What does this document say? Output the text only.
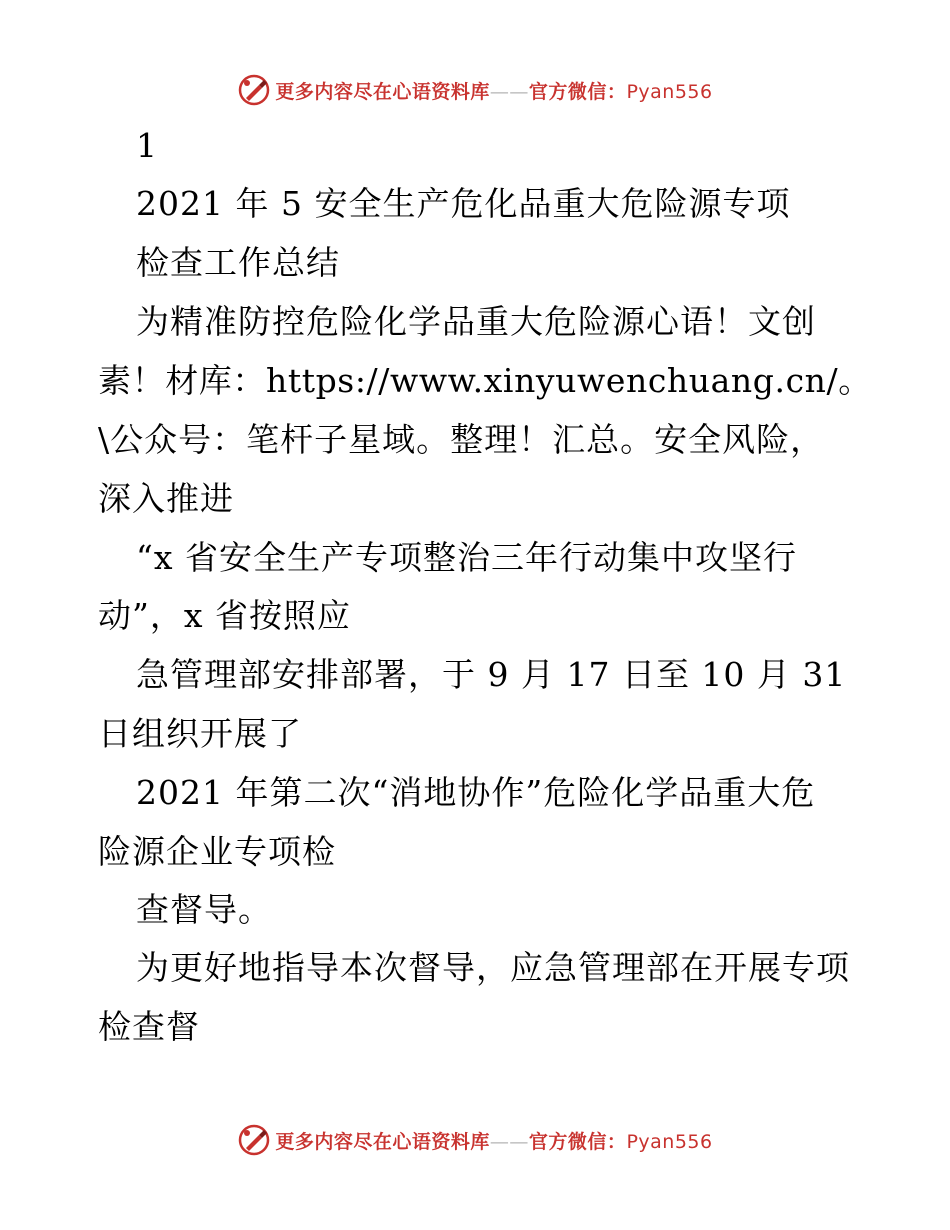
更多内容尽在心语资料库——官方微信：Pyan556
1
2021 年 5 安全生产危化品重大危险源专项
检查工作总结
为精准防控危险化学品重大危险源心语！文创
素！材库：https://www.xinyuwenchuang.cn/。
\公众号：笔杆子星域。整理！汇总。安全风险，
深入推进
“x 省安全生产专项整治三年行动集中攻坚行
动”，x 省按照应
急管理部安排部署，于 9 月 17 日至 10 月 31
日组织开展了
2021 年第二次“消地协作”危险化学品重大危
险源企业专项检
查督导。
为更好地指导本次督导，应急管理部在开展专项
检查督
更多内容尽在心语资料库——官方微信：Pyan556
